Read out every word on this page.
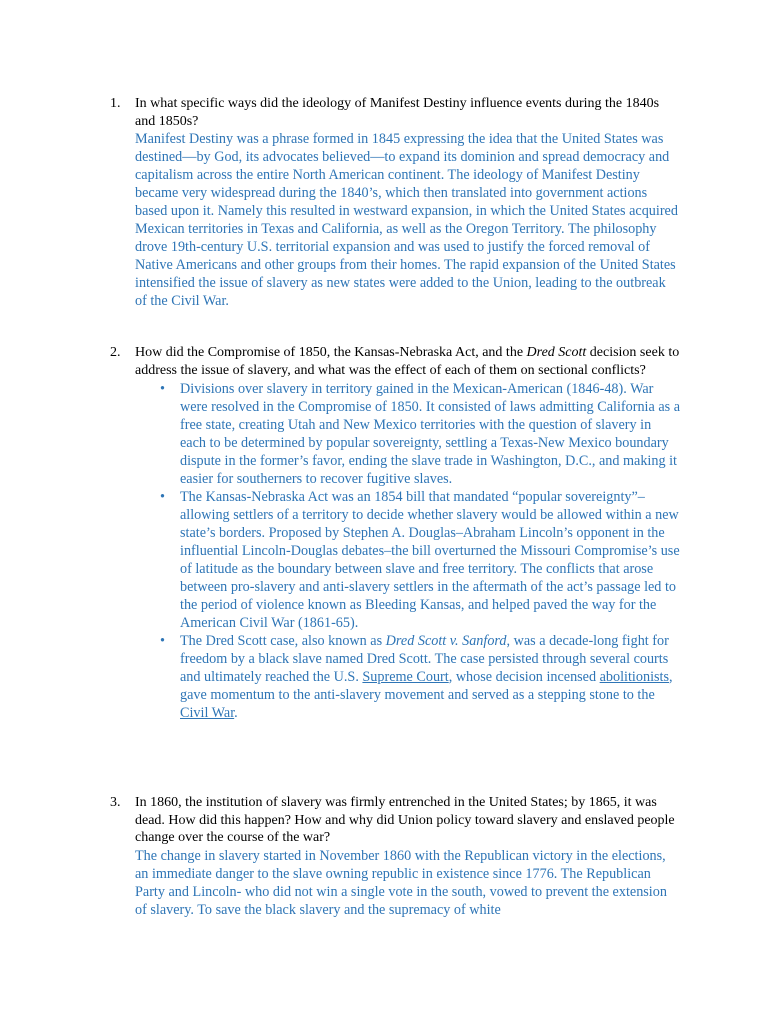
1. In what specific ways did the ideology of Manifest Destiny influence events during the 1840s and 1850s?
Manifest Destiny was a phrase formed in 1845 expressing the idea that the United States was destined—by God, its advocates believed—to expand its dominion and spread democracy and capitalism across the entire North American continent. The ideology of Manifest Destiny became very widespread during the 1840’s, which then translated into government actions based upon it. Namely this resulted in westward expansion, in which the United States acquired Mexican territories in Texas and California, as well as the Oregon Territory. The philosophy drove 19th-century U.S. territorial expansion and was used to justify the forced removal of Native Americans and other groups from their homes. The rapid expansion of the United States intensified the issue of slavery as new states were added to the Union, leading to the outbreak of the Civil War.
2. How did the Compromise of 1850, the Kansas-Nebraska Act, and the Dred Scott decision seek to address the issue of slavery, and what was the effect of each of them on sectional conflicts?
• Divisions over slavery in territory gained in the Mexican-American (1846-48). War were resolved in the Compromise of 1850. It consisted of laws admitting California as a free state, creating Utah and New Mexico territories with the question of slavery in each to be determined by popular sovereignty, settling a Texas-New Mexico boundary dispute in the former’s favor, ending the slave trade in Washington, D.C., and making it easier for southerners to recover fugitive slaves.
• The Kansas-Nebraska Act was an 1854 bill that mandated “popular sovereignty”–allowing settlers of a territory to decide whether slavery would be allowed within a new state’s borders. Proposed by Stephen A. Douglas–Abraham Lincoln’s opponent in the influential Lincoln-Douglas debates–the bill overturned the Missouri Compromise’s use of latitude as the boundary between slave and free territory. The conflicts that arose between pro-slavery and anti-slavery settlers in the aftermath of the act’s passage led to the period of violence known as Bleeding Kansas, and helped paved the way for the American Civil War (1861-65).
• The Dred Scott case, also known as Dred Scott v. Sanford, was a decade-long fight for freedom by a black slave named Dred Scott. The case persisted through several courts and ultimately reached the U.S. Supreme Court, whose decision incensed abolitionists, gave momentum to the anti-slavery movement and served as a stepping stone to the Civil War.
3. In 1860, the institution of slavery was firmly entrenched in the United States; by 1865, it was dead. How did this happen? How and why did Union policy toward slavery and enslaved people change over the course of the war?
The change in slavery started in November 1860 with the Republican victory in the elections, an immediate danger to the slave owning republic in existence since 1776. The Republican Party and Lincoln- who did not win a single vote in the south, vowed to prevent the extension of slavery. To save the black slavery and the supremacy of white
